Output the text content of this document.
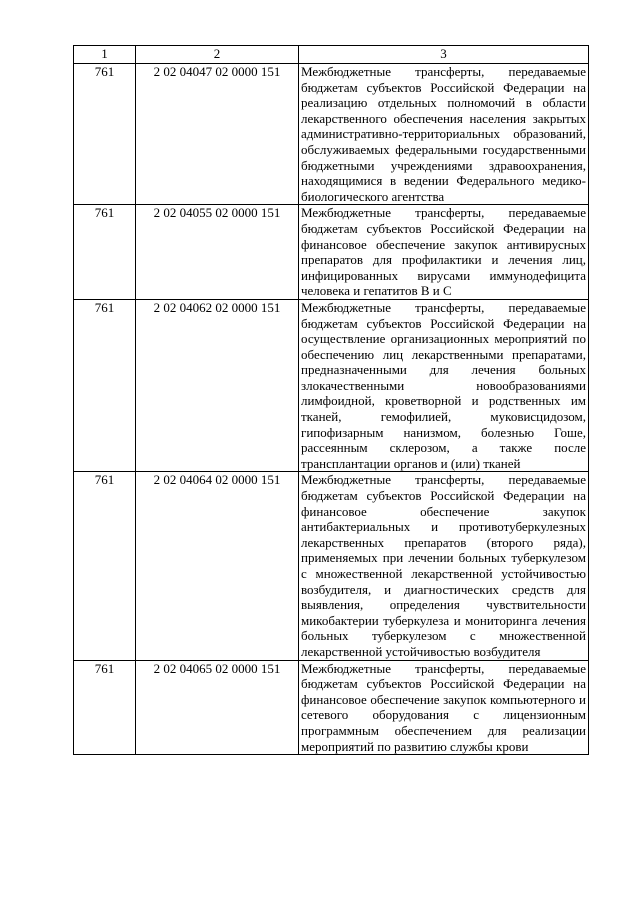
1	2	3
761	2 02 04047 02 0000 151	Межбюджетные трансферты, передаваемые бюджетам субъектов Российской Федерации на реализацию отдельных полномочий в области лекарственного обеспечения населения закрытых административно-территориальных образований, обслуживаемых федеральными государственными бюджетными учреждениями здравоохранения, находящимися в ведении Федерального медико-биологического агентства
761	2 02 04055 02 0000 151	Межбюджетные трансферты, передаваемые бюджетам субъектов Российской Федерации на финансовое обеспечение закупок антивирусных препаратов для профилактики и лечения лиц, инфицированных вирусами иммунодефицита человека и гепатитов B и C
761	2 02 04062 02 0000 151	Межбюджетные трансферты, передаваемые бюджетам субъектов Российской Федерации на осуществление организационных мероприятий по обеспечению лиц лекарственными препаратами, предназначенными для лечения больных злокачественными новообразованиями лимфоидной, кроветворной и родственных им тканей, гемофилией, муковисцидозом, гипофизарным нанизмом, болезнью Гоше, рассеянным склерозом, а также после трансплантации органов и (или) тканей
761	2 02 04064 02 0000 151	Межбюджетные трансферты, передаваемые бюджетам субъектов Российской Федерации на финансовое обеспечение закупок антибактериальных и противотуберкулезных лекарственных препаратов (второго ряда), применяемых при лечении больных туберкулезом с множественной лекарственной устойчивостью возбудителя, и диагностических средств для выявления, определения чувствительности микобактерии туберкулеза и мониторинга лечения больных туберкулезом с множественной лекарственной устойчивостью возбудителя
761	2 02 04065 02 0000 151	Межбюджетные трансферты, передаваемые бюджетам субъектов Российской Федерации на финансовое обеспечение закупок компьютерного и сетевого оборудования с лицензионным программным обеспечением для реализации мероприятий по развитию службы крови
